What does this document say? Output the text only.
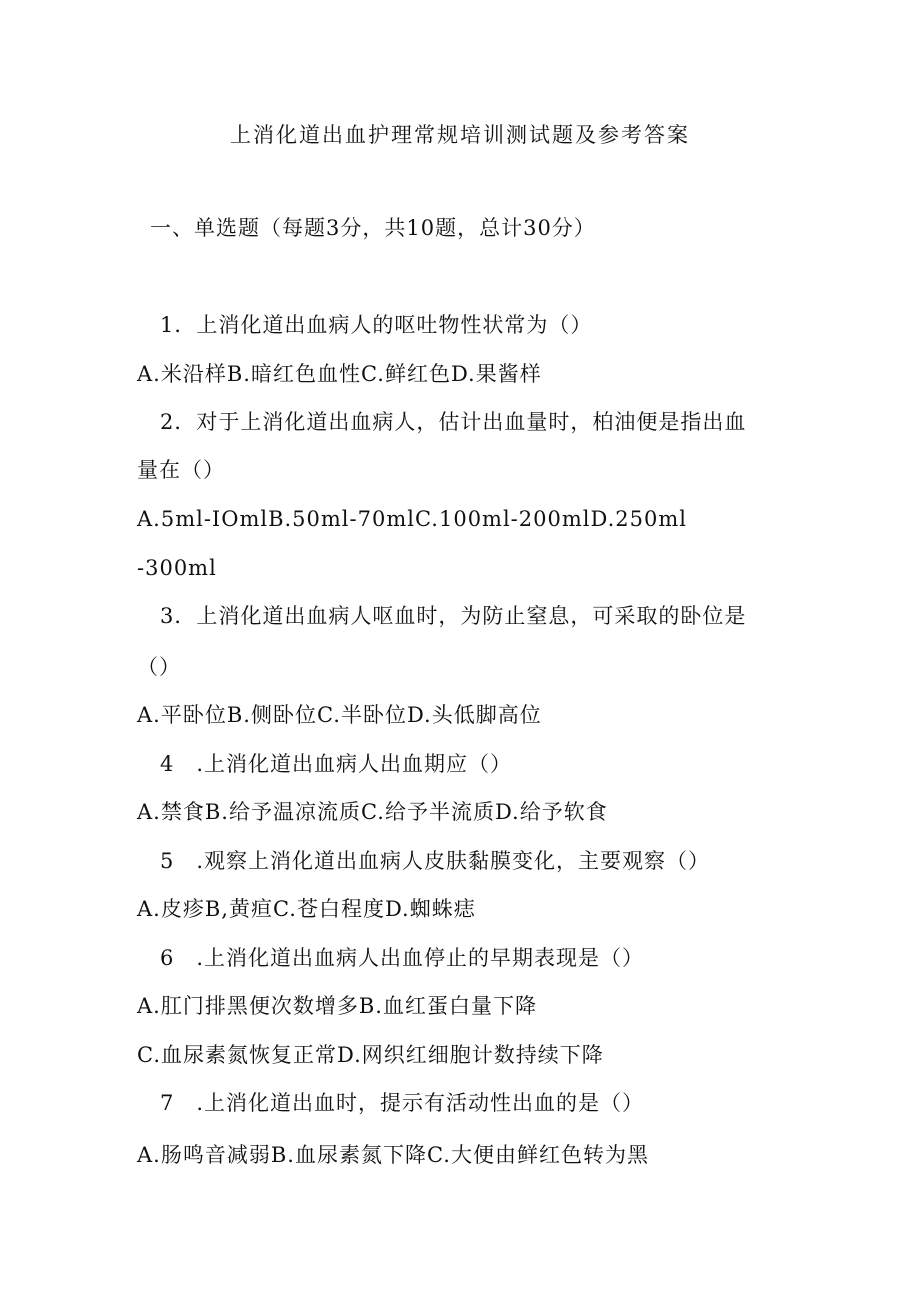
上消化道出血护理常规培训测试题及参考答案
一、单选题（每题3分，共10题，总计30分）
1．上消化道出血病人的呕吐物性状常为（）
A.米沿样B.暗红色血性C.鲜红色D.果酱样
2．对于上消化道出血病人，估计出血量时，柏油便是指出血
量在（）
A.5ml-IOmlB.50ml-70mlC.100ml-200mlD.250ml
-300ml
3．上消化道出血病人呕血时，为防止窒息，可采取的卧位是
（）
A.平卧位B.侧卧位C.半卧位D.头低脚高位
4　.上消化道出血病人出血期应（）
A.禁食B.给予温凉流质C.给予半流质D.给予软食
5　.观察上消化道出血病人皮肤黏膜变化，主要观察（）
A.皮疹B,黄疸C.苍白程度D.蜘蛛痣
6　.上消化道出血病人出血停止的早期表现是（）
A.肛门排黑便次数增多B.血红蛋白量下降
C.血尿素氮恢复正常D.网织红细胞计数持续下降
7　.上消化道出血时，提示有活动性出血的是（）
A.肠鸣音减弱B.血尿素氮下降C.大便由鲜红色转为黑
